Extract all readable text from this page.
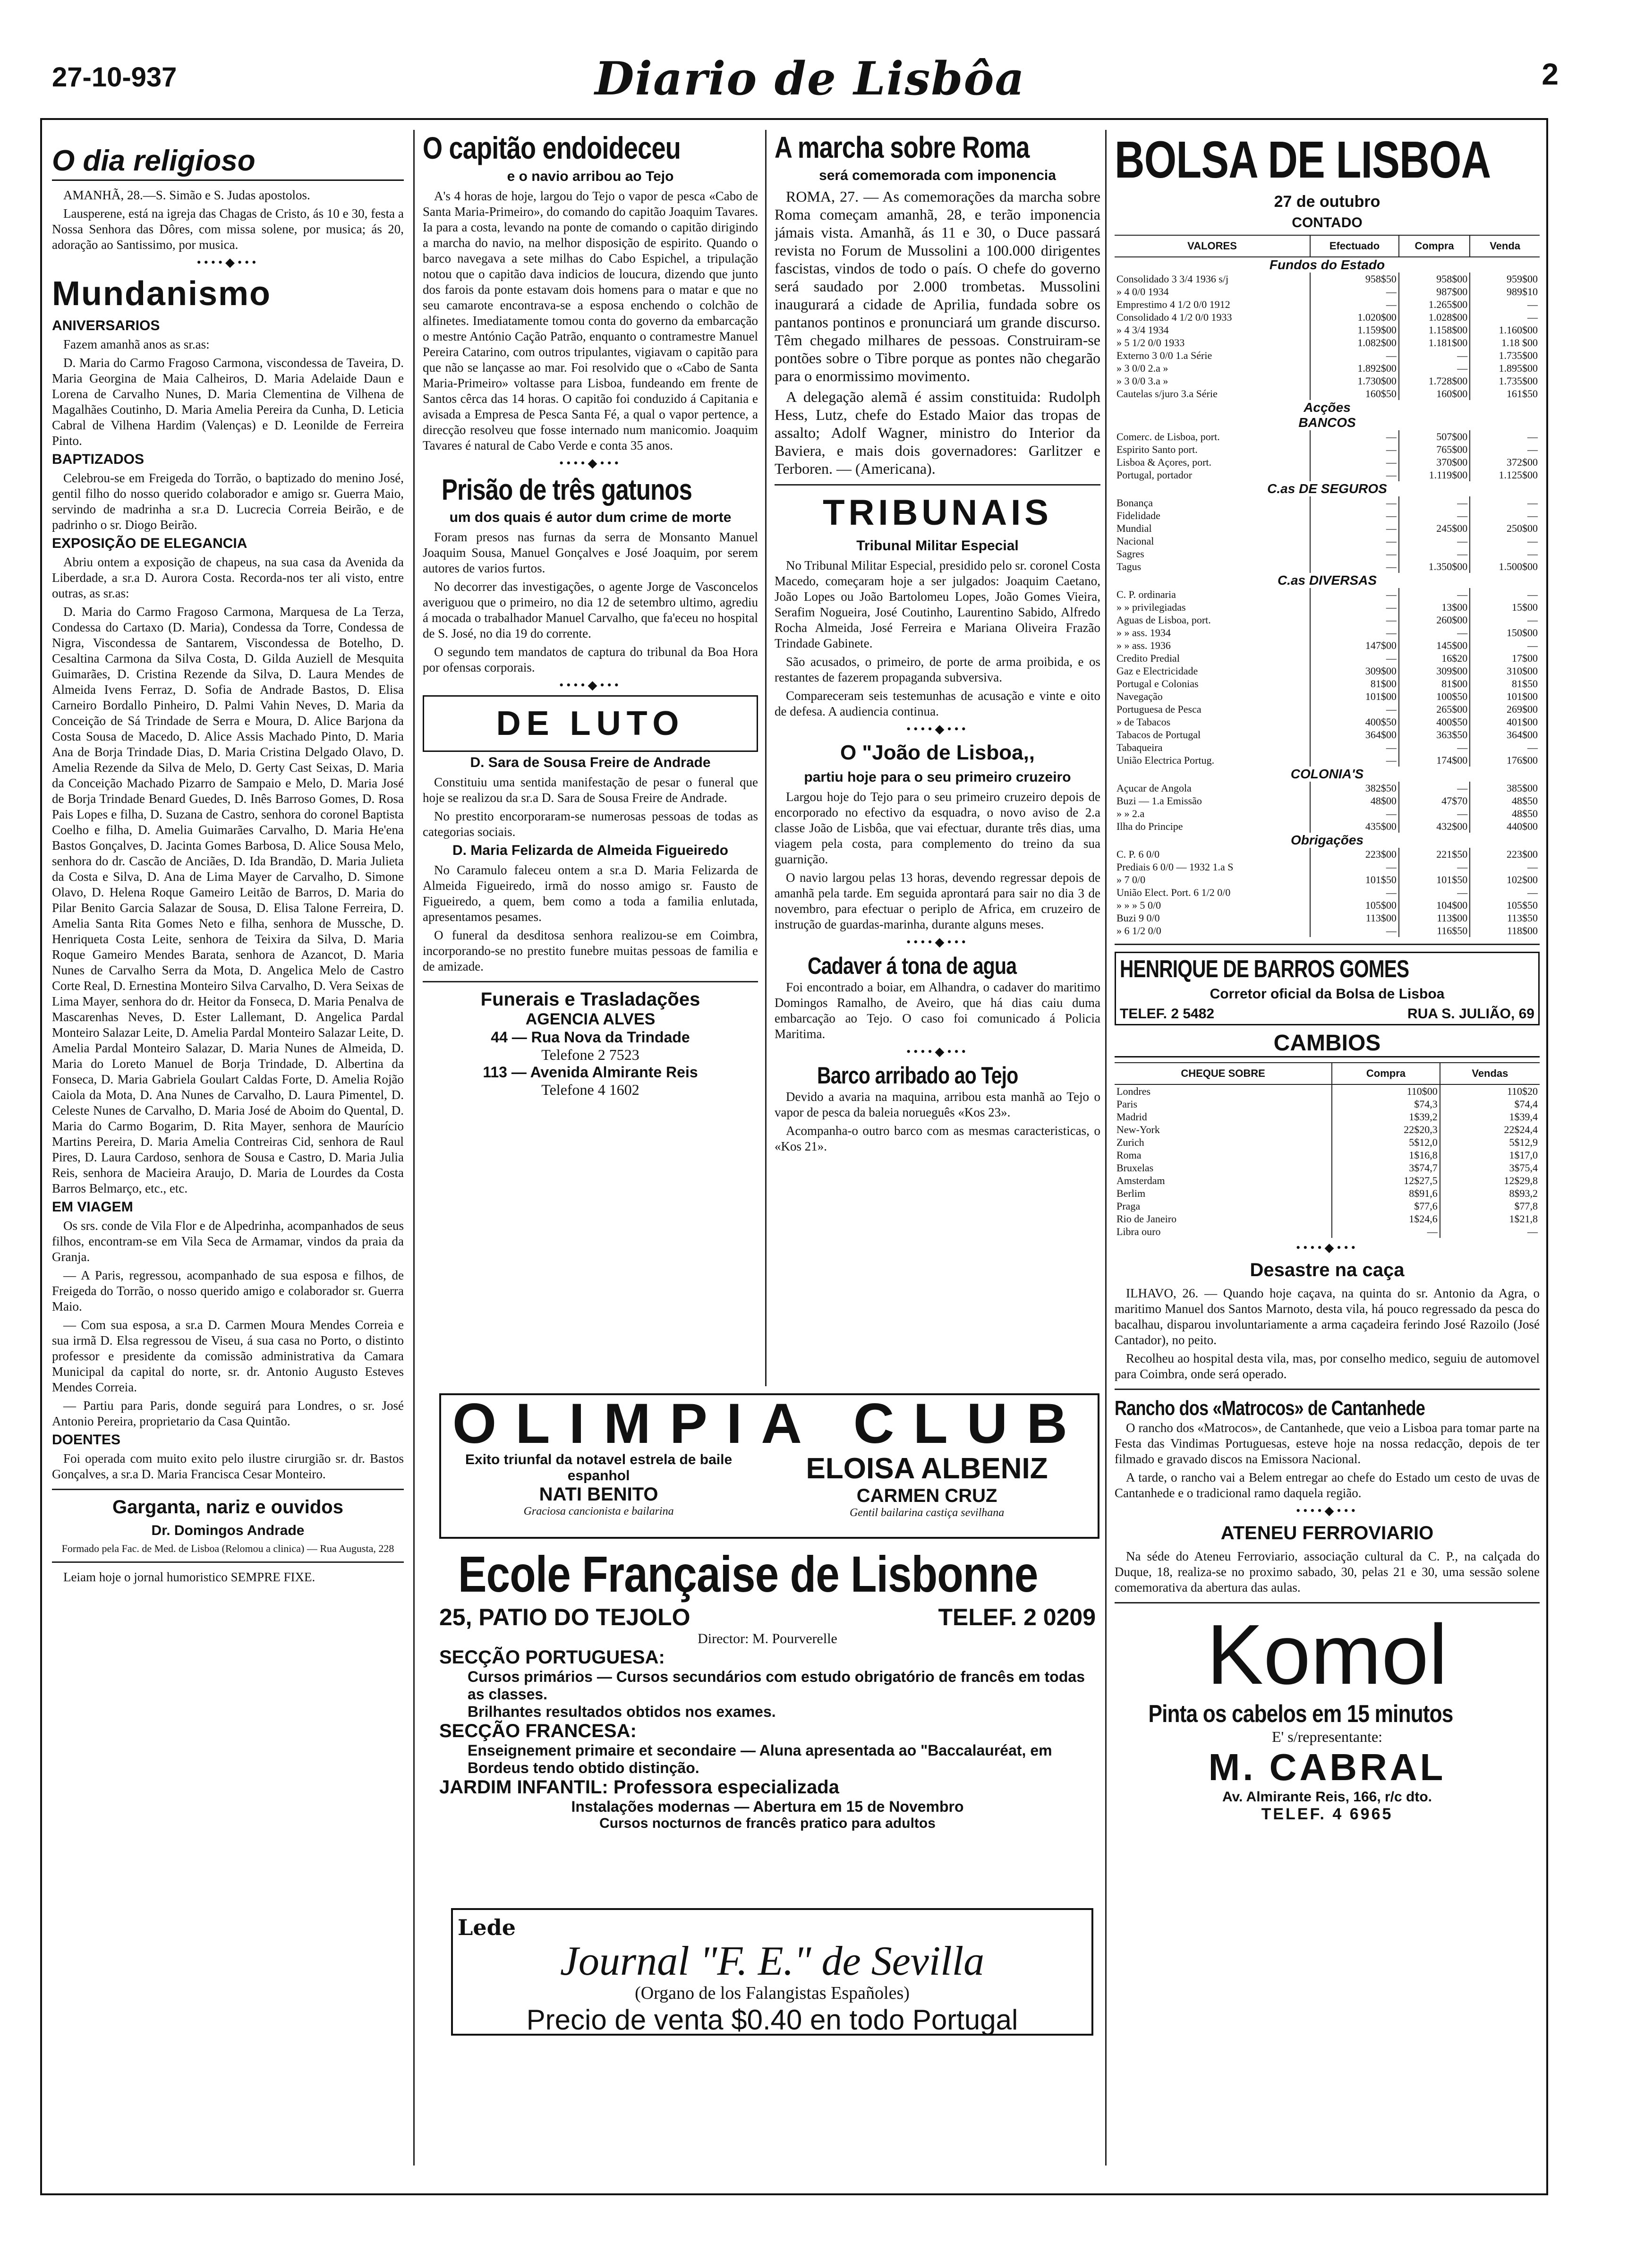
27-10-937	Diario de Lisbôa	2
O dia religioso

AMANHÃ, 28.—S. Simão e S. Judas apostolos.

Lausperene, está na igreja das Chagas de Cristo, ás 10 e 30, festa a Nossa Senhora das Dôres, com missa solene, por musica; ás 20, adoração ao Santissimo, por musica.

••••◆•••
Mundanismo

ANIVERSARIOS

Fazem amanhã anos as sr.as:

D. Maria do Carmo Fragoso Carmona, viscondessa de Taveira, D. Maria Georgina de Maia Calheiros, D. Maria Adelaide Daun e Lorena de Carvalho Nunes, D. Maria Clementina de Vilhena de Magalhães Coutinho, D. Maria Amelia Pereira da Cunha, D. Leticia Cabral de Vilhena Hardim (Valenças) e D. Leonilde de Ferreira Pinto.

BAPTIZADOS

Celebrou-se em Freigeda do Torrão, o baptizado do menino José, gentil filho do nosso querido colaborador e amigo sr. Guerra Maio, servindo de madrinha a sr.a D. Lucrecia Correia Beirão, e de padrinho o sr. Diogo Beirão.

EXPOSIÇÃO DE ELEGANCIA

Abriu ontem a exposição de chapeus, na sua casa da Avenida da Liberdade, a sr.a D. Aurora Costa. Recorda-nos ter ali visto, entre outras, as sr.as:

D. Maria do Carmo Fragoso Carmona, Marquesa de La Terza, Condessa do Cartaxo (D. Maria), Condessa da Torre, Condessa de Nigra, Viscondessa de Santarem, Viscondessa de Botelho, D. Cesaltina Carmona da Silva Costa, D. Gilda Auziell de Mesquita Guimarães, D. Cristina Rezende da Silva, D. Laura Mendes de Almeida Ivens Ferraz, D. Sofia de Andrade Bastos, D. Elisa Carneiro Bordallo Pinheiro, D. Palmi Vahin Neves, D. Maria da Conceição de Sá Trindade de Serra e Moura, D. Alice Barjona da Costa Sousa de Macedo, D. Alice Assis Machado Pinto, D. Maria Ana de Borja Trindade Dias, D. Maria Cristina Delgado Olavo, D. Amelia Rezende da Silva de Melo, D. Gerty Cast Seixas, D. Maria da Conceição Machado Pizarro de Sampaio e Melo, D. Maria José de Borja Trindade Benard Guedes, D. Inês Barroso Gomes, D. Rosa Pais Lopes e filha, D. Suzana de Castro, senhora do coronel Baptista Coelho e filha, D. Amelia Guimarães Carvalho, D. Maria He'ena Bastos Gonçalves, D. Jacinta Gomes Barbosa, D. Alice Sousa Melo, senhora do dr. Cascão de Anciães, D. Ida Brandão, D. Maria Julieta da Costa e Silva, D. Ana de Lima Mayer de Carvalho, D. Simone Olavo, D. Helena Roque Gameiro Leitão de Barros, D. Maria do Pilar Benito Garcia Salazar de Sousa, D. Elisa Talone Ferreira, D. Amelia Santa Rita Gomes Neto e filha, senhora de Mussche, D. Henriqueta Costa Leite, senhora de Teixira da Silva, D. Maria Roque Gameiro Mendes Barata, senhora de Azancot, D. Maria Nunes de Carvalho Serra da Mota, D. Angelica Melo de Castro Corte Real, D. Ernestina Monteiro Silva Carvalho, D. Vera Seixas de Lima Mayer, senhora do dr. Heitor da Fonseca, D. Maria Penalva de Mascarenhas Neves, D. Ester Lallemant, D. Angelica Pardal Monteiro Salazar Leite, D. Amelia Pardal Monteiro Salazar Leite, D. Amelia Pardal Monteiro Salazar, D. Maria Nunes de Almeida, D. Maria do Loreto Manuel de Borja Trindade, D. Albertina da Fonseca, D. Maria Gabriela Goulart Caldas Forte, D. Amelia Rojão Caiola da Mota, D. Ana Nunes de Carvalho, D. Laura Pimentel, D. Celeste Nunes de Carvalho, D. Maria José de Aboim do Quental, D. Maria do Carmo Bogarim, D. Rita Mayer, senhora de Maurício Martins Pereira, D. Maria Amelia Contreiras Cid, senhora de Raul Pires, D. Laura Cardoso, senhora de Sousa e Castro, D. Maria Julia Reis, senhora de Macieira Araujo, D. Maria de Lourdes da Costa Barros Belmarço, etc., etc.

EM VIAGEM

Os srs. conde de Vila Flor e de Alpedrinha, acompanhados de seus filhos, encontram-se em Vila Seca de Armamar, vindos da praia da Granja.

— A Paris, regressou, acompanhado de sua esposa e filhos, de Freigeda do Torrão, o nosso querido amigo e colaborador sr. Guerra Maio.

— Com sua esposa, a sr.a D. Carmen Moura Mendes Correia e sua irmã D. Elsa regressou de Viseu, á sua casa no Porto, o distinto professor e presidente da comissão administrativa da Camara Municipal da capital do norte, sr. dr. Antonio Augusto Esteves Mendes Correia.

— Partiu para Paris, donde seguirá para Londres, o sr. José Antonio Pereira, proprietario da Casa Quintão.

DOENTES

Foi operada com muito exito pelo ilustre cirurgião sr. dr. Bastos Gonçalves, a sr.a D. Maria Francisca Cesar Monteiro.

Garganta, nariz e ouvidos
Dr. Domingos Andrade
Formado pela Fac. de Med. de Lisboa (Relomou a clinica) — Rua Augusta, 228

Leiam hoje o jornal humoristico SEMPRE FIXE.

O capitão endoideceu
e o navio arribou ao Tejo

A's 4 horas de hoje, largou do Tejo o vapor de pesca «Cabo de Santa Maria-Primeiro», do comando do capitão Joaquim Tavares. Ia para a costa, levando na ponte de comando o capitão dirigindo a marcha do navio, na melhor disposição de espirito. Quando o barco navegava a sete milhas do Cabo Espichel, a tripulação notou que o capitão dava indicios de loucura, dizendo que junto dos farois da ponte estavam dois homens para o matar e que no seu camarote encontrava-se a esposa enchendo o colchão de alfinetes. Imediatamente tomou conta do governo da embarcação o mestre António Cação Patrão, enquanto o contramestre Manuel Pereira Catarino, com outros tripulantes, vigiavam o capitão para que não se lançasse ao mar. Foi resolvido que o «Cabo de Santa Maria-Primeiro» voltasse para Lisboa, fundeando em frente de Santos cêrca das 14 horas. O capitão foi conduzido á Capitania e avisada a Empresa de Pesca Santa Fé, a qual o vapor pertence, a direcção resolveu que fosse internado num manicomio. Joaquim Tavares é natural de Cabo Verde e conta 35 anos.

••••◆•••
Prisão de três gatunos
um dos quais é autor dum crime de morte

Foram presos nas furnas da serra de Monsanto Manuel Joaquim Sousa, Manuel Gonçalves e José Joaquim, por serem autores de varios furtos.

No decorrer das investigações, o agente Jorge de Vasconcelos averiguou que o primeiro, no dia 12 de setembro ultimo, agrediu á mocada o trabalhador Manuel Carvalho, que fa'eceu no hospital de S. José, no dia 19 do corrente.

O segundo tem mandatos de captura do tribunal da Boa Hora por ofensas corporais.

••••◆•••
DE LUTO
D. Sara de Sousa Freire de Andrade

Constituiu uma sentida manifestação de pesar o funeral que hoje se realizou da sr.a D. Sara de Sousa Freire de Andrade.

No prestito encorporaram-se numerosas pessoas de todas as categorias sociais.

D. Maria Felizarda de Almeida Figueiredo

No Caramulo faleceu ontem a sr.a D. Maria Felizarda de Almeida Figueiredo, irmã do nosso amigo sr. Fausto de Figueiredo, a quem, bem como a toda a familia enlutada, apresentamos pesames.

O funeral da desditosa senhora realizou-se em Coimbra, incorporando-se no prestito funebre muitas pessoas de familia e de amizade.

Funerais e Trasladações
AGENCIA ALVES
44 — Rua Nova da Trindade
Telefone 2 7523
113 — Avenida Almirante Reis
Telefone 4 1602
A marcha sobre Roma
será comemorada com imponencia

ROMA, 27. — As comemorações da marcha sobre Roma começam amanhã, 28, e terão imponencia jámais vista. Amanhã, ás 11 e 30, o Duce passará revista no Forum de Mussolini a 100.000 dirigentes fascistas, vindos de todo o país. O chefe do governo será saudado por 2.000 trombetas. Mussolini inaugurará a cidade de Aprilia, fundada sobre os pantanos pontinos e pronunciará um grande discurso. Têm chegado milhares de pessoas. Construiram-se pontões sobre o Tibre porque as pontes não chegarão para o enormissimo movimento.

A delegação alemã é assim constituida: Rudolph Hess, Lutz, chefe do Estado Maior das tropas de assalto; Adolf Wagner, ministro do Interior da Baviera, e mais dois governadores: Garlitzer e Terboren. — (Americana).

TRIBUNAIS
Tribunal Militar Especial

No Tribunal Militar Especial, presidido pelo sr. coronel Costa Macedo, começaram hoje a ser julgados: Joaquim Caetano, João Lopes ou João Bartolomeu Lopes, João Gomes Vieira, Serafim Nogueira, José Coutinho, Laurentino Sabido, Alfredo Rocha Almeida, José Ferreira e Mariana Oliveira Frazão Trindade Gabinete.

São acusados, o primeiro, de porte de arma proibida, e os restantes de fazerem propaganda subversiva.

Compareceram seis testemunhas de acusação e vinte e oito de defesa. A audiencia continua.

••••◆•••
O "João de Lisboa,,
partiu hoje para o seu primeiro cruzeiro

Largou hoje do Tejo para o seu primeiro cruzeiro depois de encorporado no efectivo da esquadra, o novo aviso de 2.a classe João de Lisbôa, que vai efectuar, durante três dias, uma viagem pela costa, para complemento do treino da sua guarnição.

O navio largou pelas 13 horas, devendo regressar depois de amanhã pela tarde. Em seguida aprontará para sair no dia 3 de novembro, para efectuar o periplo de Africa, em cruzeiro de instrução de guardas-marinha, durante alguns meses.

••••◆•••
Cadaver á tona de agua

Foi encontrado a boiar, em Alhandra, o cadaver do maritimo Domingos Ramalho, de Aveiro, que há dias caiu duma embarcação ao Tejo. O caso foi comunicado á Policia Maritima.

••••◆•••
Barco arribado ao Tejo

Devido a avaria na maquina, arribou esta manhã ao Tejo o vapor de pesca da baleia norueguês «Kos 23».

Acompanha-o outro barco com as mesmas caracteristicas, o «Kos 21».

BOLSA DE LISBOA
27 de outubro
CONTADO
VALORES	Efectuado	Compra	Venda
Fundos do Estado			
Consolidado 3 3/4 1936 s/j	958$50	958$00	959$00
» 4 0/0 1934	—	987$00	989$10
Emprestimo 4 1/2 0/0 1912	—	1.265$00	—
Consolidado 4 1/2 0/0 1933	1.020$00	1.028$00	—
» 4 3/4 1934	1.159$00	1.158$00	1.160$00
» 5 1/2 0/0 1933	1.082$00	1.181$00	1.18 $00
Externo 3 0/0 1.a Série	—	—	1.735$00
» 3 0/0 2.a »	1.892$00	—	1.895$00
» 3 0/0 3.a »	1.730$00	1.728$00	1.735$00
Cautelas s/juro 3.a Série	160$50	160$00	161$50
Acções			
BANCOS			
Comerc. de Lisboa, port.	—	507$00	—
Espirito Santo port.	—	765$00	—
Lisboa & Açores, port.	—	370$00	372$00
Portugal, portador	—	1.119$00	1.125$00
C.as DE SEGUROS			
Bonança	—	—	—
Fidelidade	—	—	—
Mundial	—	245$00	250$00
Nacional	—	—	—
Sagres	—	—	—
Tagus	—	1.350$00	1.500$00
C.as DIVERSAS			
C. P. ordinaria	—	—	—
» » privilegiadas	—	13$00	15$00
Aguas de Lisboa, port.	—	260$00	—
» » ass. 1934	—	—	150$00
» » ass. 1936	147$00	145$00	—
Credito Predial	—	16$20	17$00
Gaz e Electricidade	309$00	309$00	310$00
Portugal e Colonias	81$00	81$00	81$50
Navegação	101$00	100$50	101$00
Portuguesa de Pesca	—	265$00	269$00
» de Tabacos	400$50	400$50	401$00
Tabacos de Portugal	364$00	363$50	364$00
Tabaqueira	—	—	—
União Electrica Portug.	—	174$00	176$00
COLONIA'S			
Açucar de Angola	382$50	—	385$00
Buzi — 1.a Emissão	48$00	47$70	48$50
» » 2.a	—	—	48$50
Ilha do Principe	435$00	432$00	440$00
Obrigações			
C. P. 6 0/0	223$00	221$50	223$00
Prediais 6 0/0 — 1932 1.a S	—	—	—
» 7 0/0	101$50	101$50	102$00
União Elect. Port. 6 1/2 0/0	—	—	—
» » » 5 0/0	105$00	104$00	105$50
Buzi 9 0/0	113$00	113$00	113$50
» 6 1/2 0/0	—	116$50	118$00
HENRIQUE DE BARROS GOMES
Corretor oficial da Bolsa de Lisboa
TELEF. 2 5482	RUA S. JULIÃO, 69
CAMBIOS
CHEQUE SOBRE	Compra	Vendas
Londres	110$00	110$20
Paris	$74,3	$74,4
Madrid	1$39,2	1$39,4
New-York	22$20,3	22$24,4
Zurich	5$12,0	5$12,9
Roma	1$16,8	1$17,0
Bruxelas	3$74,7	3$75,4
Amsterdam	12$27,5	12$29,8
Berlim	8$91,6	8$93,2
Praga	$77,6	$77,8
Rio de Janeiro	1$24,6	1$21,8
Libra ouro	—	—
••••◆•••
Desastre na caça

ILHAVO, 26. — Quando hoje caçava, na quinta do sr. Antonio da Agra, o maritimo Manuel dos Santos Marnoto, desta vila, há pouco regressado da pesca do bacalhau, disparou involuntariamente a arma caçadeira ferindo José Razoilo (José Cantador), no peito.

Recolheu ao hospital desta vila, mas, por conselho medico, seguiu de automovel para Coimbra, onde será operado.

Rancho dos «Matrocos» de Cantanhede

O rancho dos «Matrocos», de Cantanhede, que veio a Lisboa para tomar parte na Festa das Vindimas Portuguesas, esteve hoje na nossa redacção, depois de ter filmado e gravado discos na Emissora Nacional.

A tarde, o rancho vai a Belem entregar ao chefe do Estado um cesto de uvas de Cantanhede e o tradicional ramo daquela região.

••••◆•••
ATENEU FERROVIARIO

Na séde do Ateneu Ferroviario, associação cultural da C. P., na calçada do Duque, 18, realiza-se no proximo sabado, 30, pelas 21 e 30, uma sessão solene comemorativa da abertura das aulas.

Komol
Pinta os cabelos em 15 minutos
E' s/representante:
M. CABRAL
Av. Almirante Reis, 166, r/c dto.
TELEF. 4 6965
OLIMPIA CLUB
Exito triunfal da notavel estrela de baile espanhol
NATI BENITO
Graciosa cancionista e bailarina
ELOISA ALBENIZ
CARMEN CRUZ
Gentil bailarina castiça sevilhana
Ecole Française de Lisbonne
25, PATIO DO TEJOLO	TELEF. 2 0209
Director: M. Pourverelle
SECÇÃO PORTUGUESA:
Cursos primários — Cursos secundários com estudo obrigatório de francês em todas as classes.
Brilhantes resultados obtidos nos exames.
SECÇÃO FRANCESA:
Enseignement primaire et secondaire — Aluna apresentada ao "Baccalauréat, em Bordeus tendo obtido distinção.
JARDIM INFANTIL: Professora especializada
Instalações modernas — Abertura em 15 de Novembro
Cursos nocturnos de francês pratico para adultos
Lede
Journal "F. E." de Sevilla
(Organo de los Falangistas Españoles)
Precio de venta $0.40 en todo Portugal
